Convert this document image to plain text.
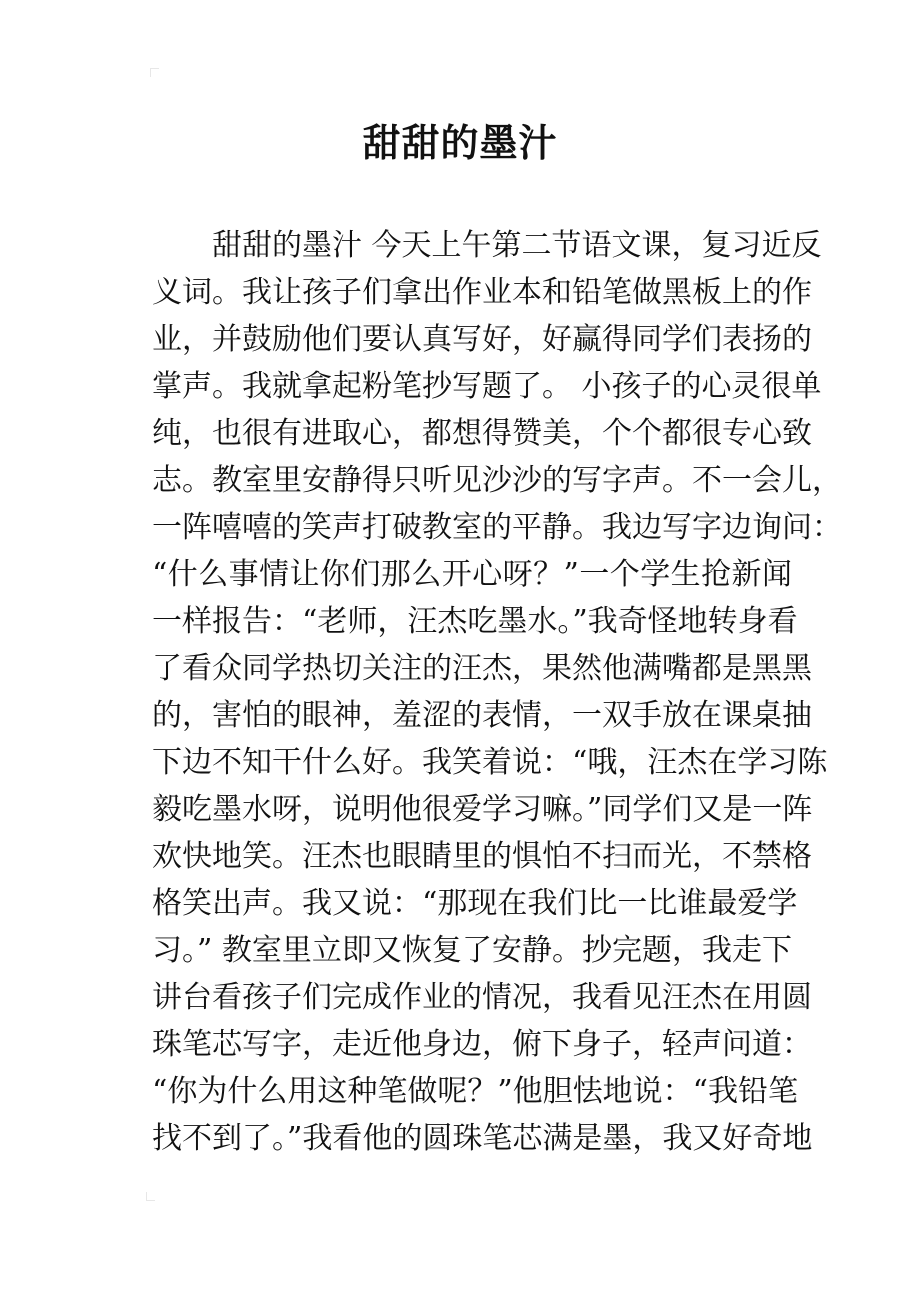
甜甜的墨汁
　　甜甜的墨汁 今天上午第二节语文课，复习近反
义词。我让孩子们拿出作业本和铅笔做黑板上的作
业，并鼓励他们要认真写好，好赢得同学们表扬的
掌声。我就拿起粉笔抄写题了。 小孩子的心灵很单
纯，也很有进取心，都想得赞美，个个都很专心致
志。教室里安静得只听见沙沙的写字声。不一会儿，
一阵嘻嘻的笑声打破教室的平静。我边写字边询问：
“什么事情让你们那么开心呀？”一个学生抢新闻
一样报告：“老师，汪杰吃墨水。”我奇怪地转身看
了看众同学热切关注的汪杰，果然他满嘴都是黑黑
的，害怕的眼神，羞涩的表情，一双手放在课桌抽
下边不知干什么好。我笑着说：“哦，汪杰在学习陈
毅吃墨水呀，说明他很爱学习嘛。”同学们又是一阵
欢快地笑。汪杰也眼睛里的惧怕不扫而光，不禁格
格笑出声。我又说：“那现在我们比一比谁最爱学
习。” 教室里立即又恢复了安静。抄完题，我走下
讲台看孩子们完成作业的情况，我看见汪杰在用圆
珠笔芯写字，走近他身边，俯下身子，轻声问道：
“你为什么用这种笔做呢？”他胆怯地说：“我铅笔
找不到了。”我看他的圆珠笔芯满是墨，我又好奇地
